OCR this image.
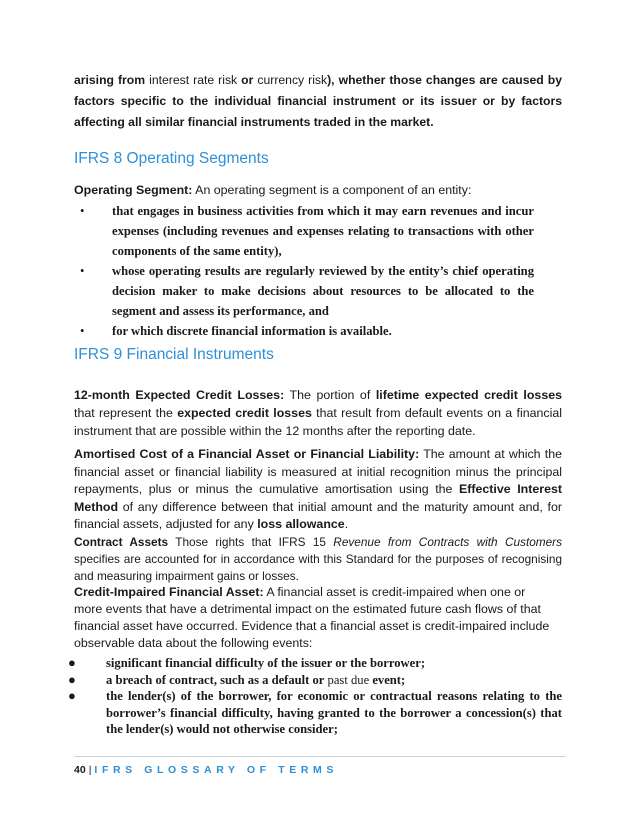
arising from interest rate risk or currency risk), whether those changes are caused by
factors specific to the individual financial instrument or its issuer or by factors
affecting all similar financial instruments traded in the market.
IFRS 8 Operating Segments
Operating Segment: An operating segment is a component of an entity:
• that engages in business activities from which it may earn revenues and incur expenses (including revenues and expenses relating to transactions with other components of the same entity),
• whose operating results are regularly reviewed by the entity’s chief operating decision maker to make decisions about resources to be allocated to the segment and assess its performance, and
• for which discrete financial information is available.
IFRS 9 Financial Instruments
12-month Expected Credit Losses: The portion of lifetime expected credit losses that represent the expected credit losses that result from default events on a financial instrument that are possible within the 12 months after the reporting date.
Amortised Cost of a Financial Asset or Financial Liability: The amount at which the financial asset or financial liability is measured at initial recognition minus the principal repayments, plus or minus the cumulative amortisation using the Effective Interest Method of any difference between that initial amount and the maturity amount and, for financial assets, adjusted for any loss allowance.
Contract Assets Those rights that IFRS 15 Revenue from Contracts with Customers specifies are accounted for in accordance with this Standard for the purposes of recognising and measuring impairment gains or losses.
Credit-Impaired Financial Asset: A financial asset is credit-impaired when one or more events that have a detrimental impact on the estimated future cash flows of that financial asset have occurred. Evidence that a financial asset is credit-impaired include observable data about the following events:
● significant financial difficulty of the issuer or the borrower;
● a breach of contract, such as a default or past due event;
● the lender(s) of the borrower, for economic or contractual reasons relating to the borrower’s financial difficulty, having granted to the borrower a concession(s) that the lender(s) would not otherwise consider;
40 | IFRS GLOSSARY OF TERMS
